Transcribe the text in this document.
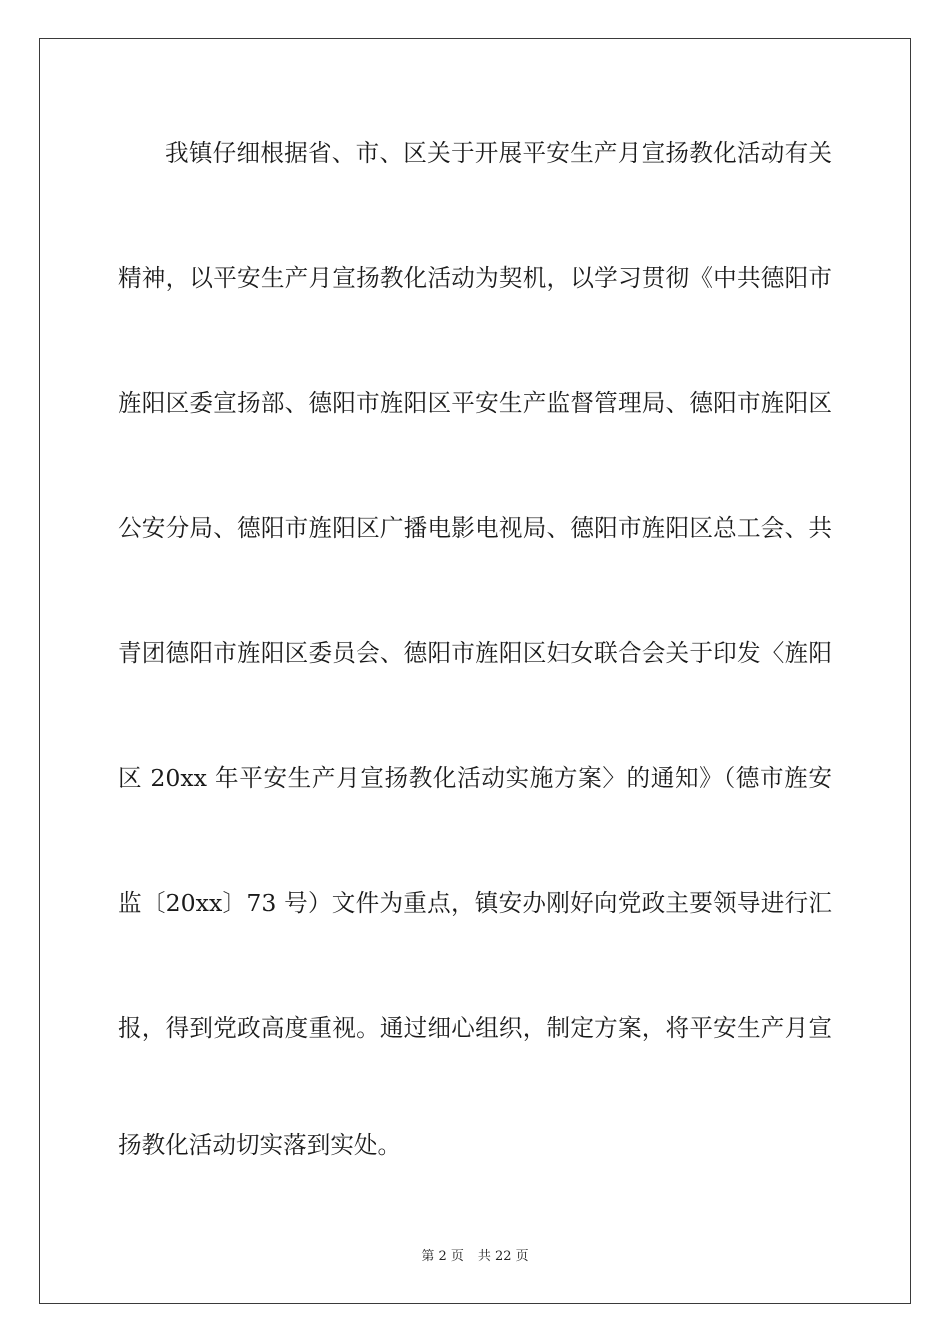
我镇仔细根据省、市、区关于开展平安生产月宣扬教化活动有关
精神，以平安生产月宣扬教化活动为契机，以学习贯彻《中共德阳市
旌阳区委宣扬部、德阳市旌阳区平安生产监督管理局、德阳市旌阳区
公安分局、德阳市旌阳区广播电影电视局、德阳市旌阳区总工会、共
青团德阳市旌阳区委员会、德阳市旌阳区妇女联合会关于印发〈旌阳
区 20xx 年平安生产月宣扬教化活动实施方案〉的通知》（德市旌安
监〔20xx〕73 号）文件为重点，镇安办刚好向党政主要领导进行汇
报，得到党政高度重视。通过细心组织，制定方案，将平安生产月宣
扬教化活动切实落到实处。
第 2 页 共 22 页
